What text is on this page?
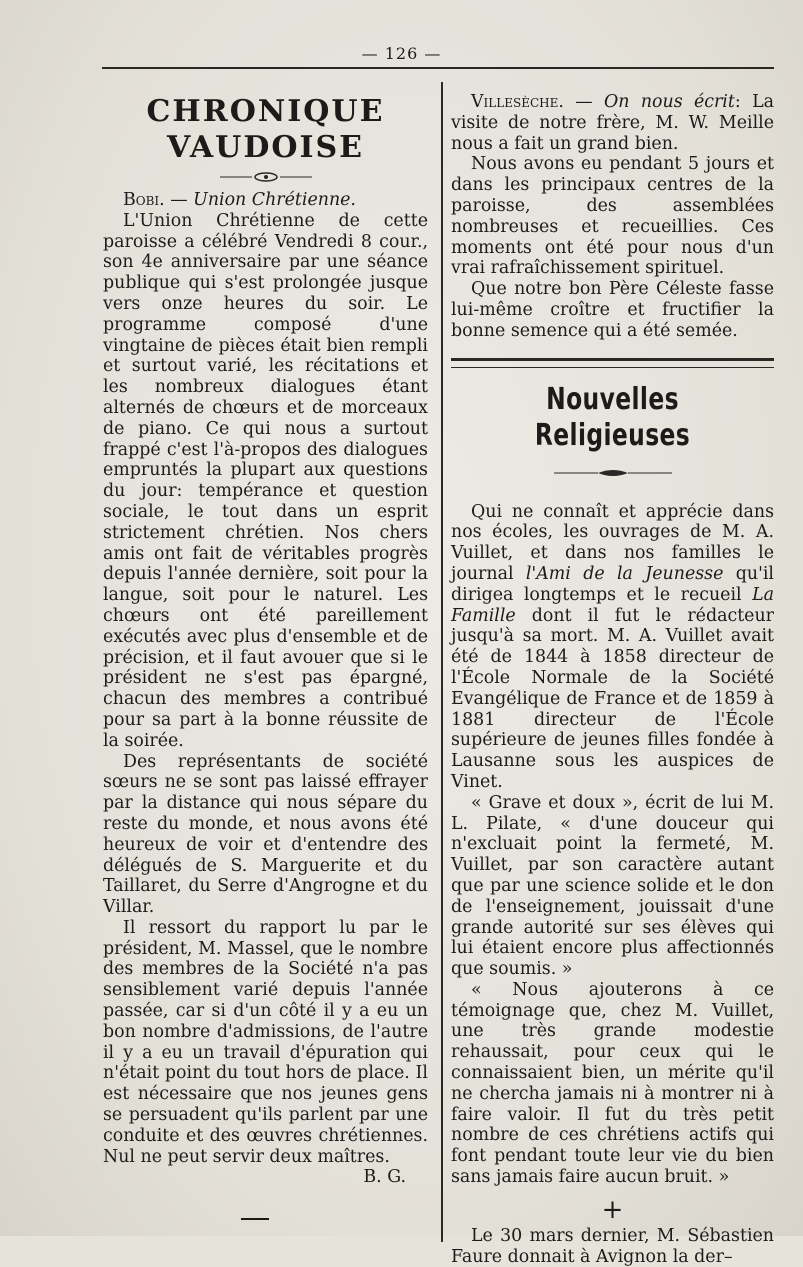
— 126 —
CHRONIQUE VAUDOISE

Bobi. — Union Chrétienne.

L'Union Chrétienne de cette paroisse a célébré Vendredi 8 cour., son 4e anniversaire par une séance publique qui s'est prolongée jusque vers onze heures du soir. Le programme composé d'une vingtaine de pièces était bien rempli et surtout varié, les récitations et les nombreux dialogues étant alternés de chœurs et de morceaux de piano. Ce qui nous a surtout frappé c'est l'à-propos des dialogues empruntés la plupart aux questions du jour: tempérance et question sociale, le tout dans un esprit strictement chrétien. Nos chers amis ont fait de véritables progrès depuis l'année dernière, soit pour la langue, soit pour le naturel. Les chœurs ont été pareillement exécutés avec plus d'ensemble et de précision, et il faut avouer que si le président ne s'est pas épargné, chacun des membres a contribué pour sa part à la bonne réussite de la soirée.

Des représentants de société sœurs ne se sont pas laissé effrayer par la distance qui nous sépare du reste du monde, et nous avons été heureux de voir et d'entendre des délégués de S. Marguerite et du Taillaret, du Serre d'Angrogne et du Villar.

Il ressort du rapport lu par le président, M. Massel, que le nombre des membres de la Société n'a pas sensiblement varié depuis l'année passée, car si d'un côté il y a eu un bon nombre d'admissions, de l'autre il y a eu un travail d'épuration qui n'était point du tout hors de place. Il est nécessaire que nos jeunes gens se persuadent qu'ils parlent par une conduite et des œuvres chrétiennes. Nul ne peut servir deux maîtres.

B. G.

Villesèche. — On nous écrit: La visite de notre frère, M. W. Meille nous a fait un grand bien.

Nous avons eu pendant 5 jours et dans les principaux centres de la paroisse, des assemblées nombreuses et recueillies. Ces moments ont été pour nous d'un vrai rafraîchissement spirituel.

Que notre bon Père Céleste fasse lui-même croître et fructifier la bonne semence qui a été semée.

Nouvelles Religieuses

Qui ne connaît et apprécie dans nos écoles, les ouvrages de M. A. Vuillet, et dans nos familles le journal l'Ami de la Jeunesse qu'il dirigea longtemps et le recueil La Famille dont il fut le rédacteur jusqu'à sa mort. M. A. Vuillet avait été de 1844 à 1858 directeur de l'École Normale de la Société Evangélique de France et de 1859 à 1881 directeur de l'École supérieure de jeunes filles fondée à Lausanne sous les auspices de Vinet.

« Grave et doux », écrit de lui M. L. Pilate, « d'une douceur qui n'excluait point la fermeté, M. Vuillet, par son caractère autant que par une science solide et le don de l'enseignement, jouissait d'une grande autorité sur ses élèves qui lui étaient encore plus affectionnés que soumis. »

« Nous ajouterons à ce témoignage que, chez M. Vuillet, une très grande modestie rehaussait, pour ceux qui le connaissaient bien, un mérite qu'il ne chercha jamais ni à montrer ni à faire valoir. Il fut du très petit nombre de ces chrétiens actifs qui font pendant toute leur vie du bien sans jamais faire aucun bruit. »

+

Le 30 mars dernier, M. Sébastien Faure donnait à Avignon la der–
